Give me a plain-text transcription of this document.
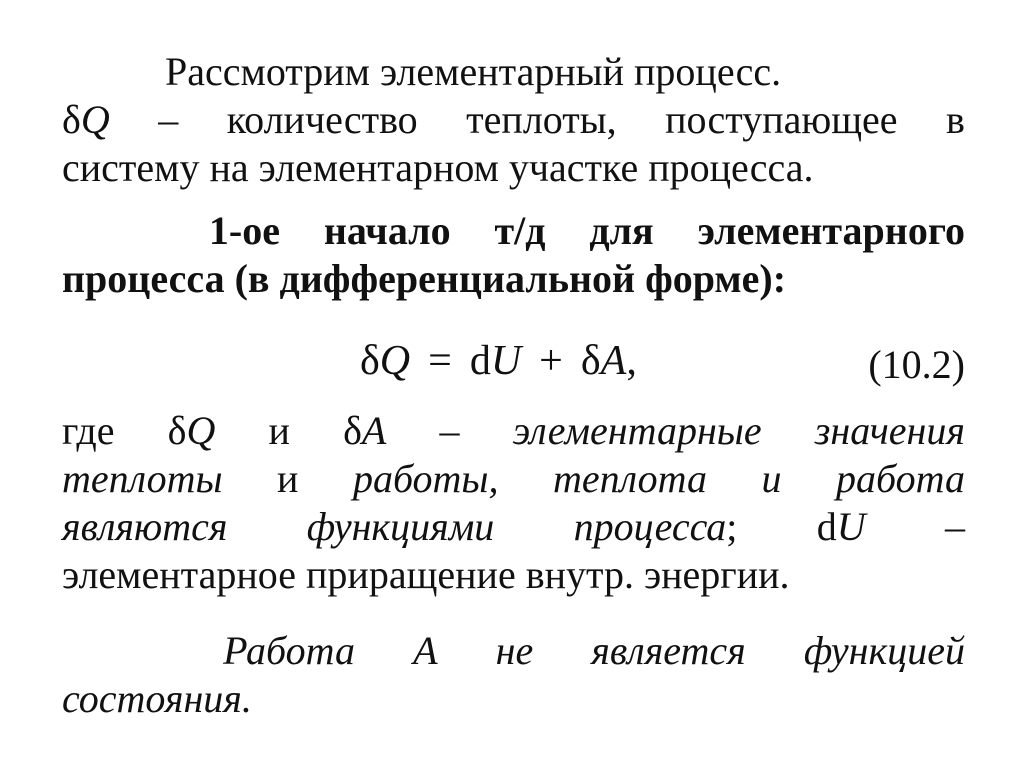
Рассмотрим элементарный процесс.
δQ – количество теплоты, поступающее в
систему на элементарном участке процесса.
1-ое начало т/д для элементарного
процесса (в дифференциальной форме):
δQ = dU + δA,	(10.2)
где δQ и δA – элементарные значения
теплоты и работы, теплота и работа
являются функциями процесса; dU –
элементарное приращение внутр. энергии.
Работа A не является функцией
состояния.
